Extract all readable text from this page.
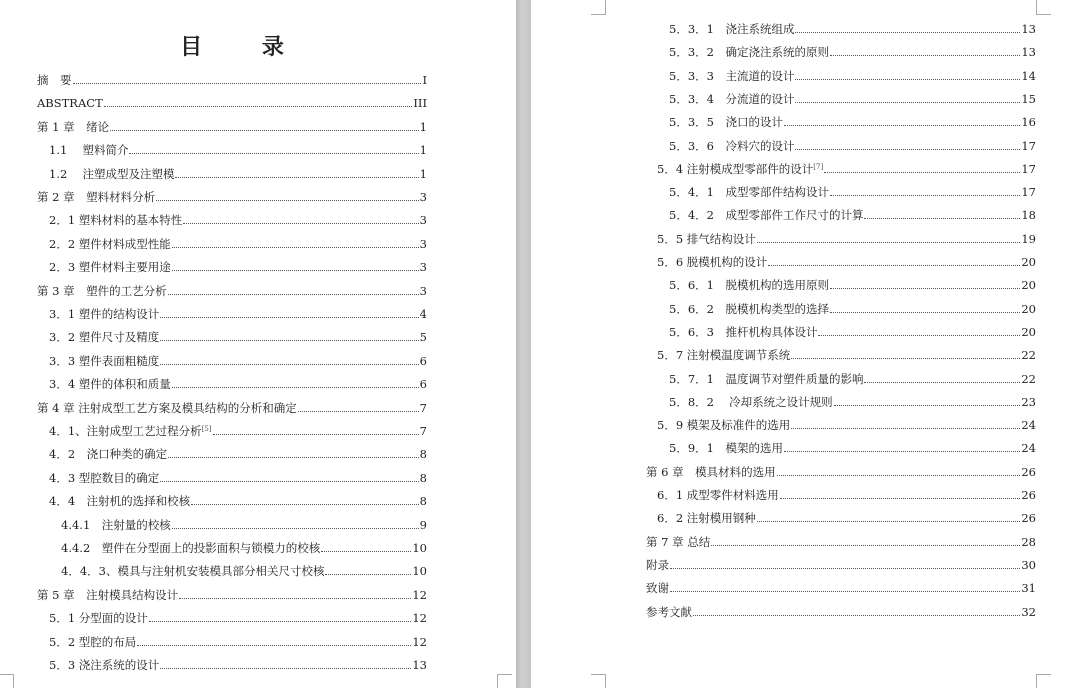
目 录
摘　要	I
ABSTRACT	III
第 1 章　绪论	1
1.1　 塑料简介	1
1.2　 注塑成型及注塑模	1
第 2 章　塑料材料分析	3
2．1 塑料材料的基本特性	3
2．2 塑件材料成型性能	3
2．3 塑件材料主要用途	3
第 3 章　塑件的工艺分析	3
3．1 塑件的结构设计	4
3．2 塑件尺寸及精度	5
3．3 塑件表面粗糙度	6
3．4 塑件的体积和质量	6
第 4 章 注射成型工艺方案及模具结构的分析和确定	7
4．1、注射成型工艺过程分析[5]	7
4．2　浇口种类的确定	8
4．3 型腔数目的确定	8
4．4　注射机的选择和校核	8
4.4.1　注射量的校核	9
4.4.2　塑件在分型面上的投影面积与锁模力的校核	10
4．4．3、模具与注射机安装模具部分相关尺寸校核	10
第 5 章　注射模具结构设计	12
5．1 分型面的设计	12
5．2 型腔的布局	12
5．3 浇注系统的设计	13
5．3．1　浇注系统组成	13
5．3．2　确定浇注系统的原则	13
5．3．3　主流道的设计	14
5．3．4　分流道的设计	15
5．3．5　浇口的设计	16
5．3．6　冷料穴的设计	17
5．4 注射模成型零部件的设计[7]	17
5．4．1　成型零部件结构设计	17
5．4．2　成型零部件工作尺寸的计算	18
5．5 排气结构设计	19
5．6 脱模机构的设计	20
5．6．1　脱模机构的选用原则	20
5．6．2　脱模机构类型的选择	20
5．6．3　推杆机构具体设计	20
5．7 注射模温度调节系统	22
5．7．1　温度调节对塑件质量的影响	22
5．8．2　 冷却系统之设计规则	23
5．9 模架及标准件的选用	24
5．9．1　模架的选用	24
第 6 章　模具材料的选用	26
6．1 成型零件材料选用	26
6．2 注射模用钢种	26
第 7 章 总结	28
附录	30
致谢	31
参考文献	32
